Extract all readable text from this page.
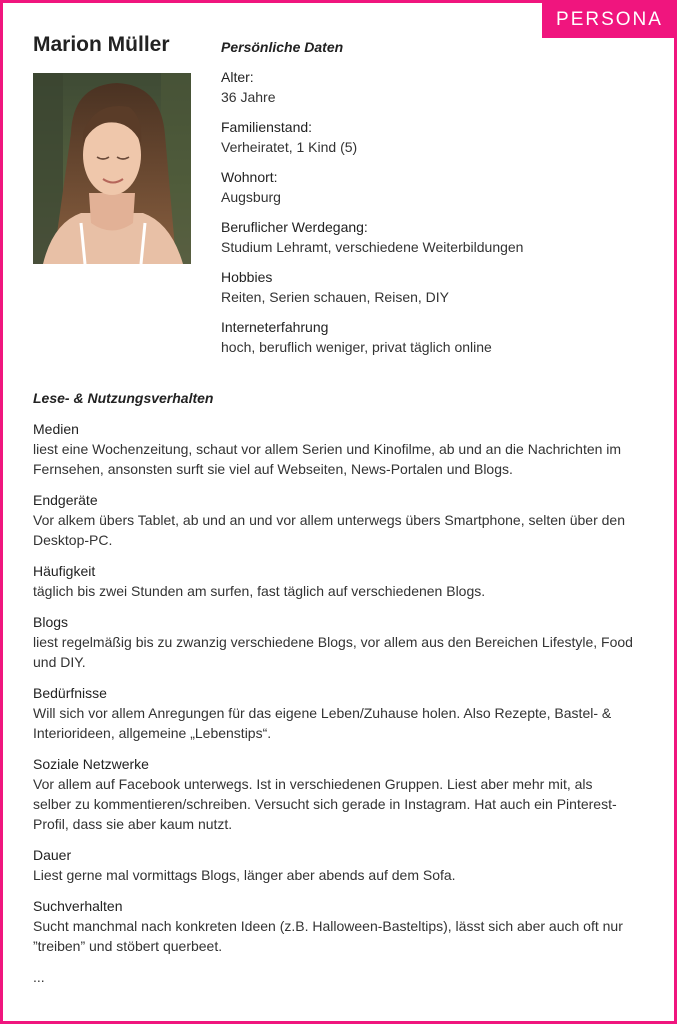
PERSONA
Marion Müller	Persönliche Daten
Alter:
36 Jahre
Familienstand:
Verheiratet, 1 Kind (5)
Wohnort:
Augsburg
Beruflicher Werdegang:
Studium Lehramt, verschiedene Weiterbildungen
Hobbies
Reiten, Serien schauen, Reisen, DIY
Interneterfahrung
hoch, beruflich weniger, privat täglich online
Lese- & Nutzungsverhalten
Medien
liest eine Wochenzeitung, schaut vor allem Serien und Kinofilme, ab und an die Nachrichten im Fernsehen, ansonsten surft sie viel auf Webseiten, News-Portalen und Blogs.
Endgeräte
Vor alkem übers Tablet, ab und an und vor allem unterwegs übers Smartphone, selten über den Desktop-PC.
Häufigkeit
täglich bis zwei Stunden am surfen, fast täglich auf verschiedenen Blogs.
Blogs
liest regelmäßig bis zu zwanzig verschiedene Blogs, vor allem aus den Bereichen Lifestyle, Food und DIY.
Bedürfnisse
Will sich vor allem Anregungen für das eigene Leben/Zuhause holen. Also Rezepte, Bastel- & Interiorideen, allgemeine „Lebenstips“.
Soziale Netzwerke
Vor allem auf Facebook unterwegs. Ist in verschiedenen Gruppen. Liest aber mehr mit, als selber zu kommentieren/schreiben. Versucht sich gerade in Instagram. Hat auch ein Pinterest-Profil, dass sie aber kaum nutzt.
Dauer
Liest gerne mal vormittags Blogs, länger aber abends auf dem Sofa.
Suchverhalten
Sucht manchmal nach konkreten Ideen (z.B. Halloween-Basteltips), lässt sich aber auch oft nur ”treiben” und stöbert querbeet.
...
